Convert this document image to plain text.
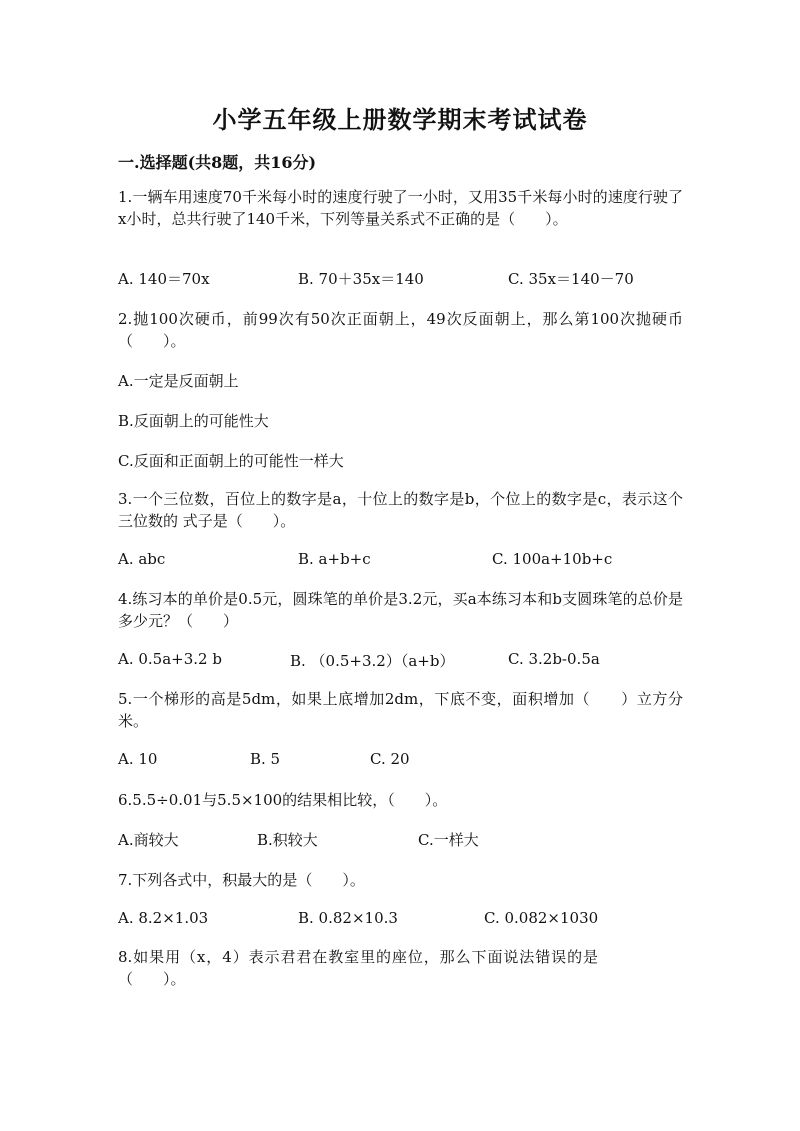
小学五年级上册数学期末考试试卷
一.选择题(共8题，共16分)
1.一辆车用速度70千米每小时的速度行驶了一小时，又用35千米每小时的速度行驶了x小时，总共行驶了140千米，下列等量关系式不正确的是（　　）。
A. 140＝70x	B. 70＋35x＝140	C. 35x＝140－70
2.抛100次硬币，前99次有50次正面朝上，49次反面朝上，那么第100次抛硬币（　　）。
A.一定是反面朝上
B.反面朝上的可能性大
C.反面和正面朝上的可能性一样大
3.一个三位数，百位上的数字是a，十位上的数字是b，个位上的数字是c，表示这个三位数的 式子是（　　）。
A. abc	B. a+b+c	C. 100a+10b+c
4.练习本的单价是0.5元，圆珠笔的单价是3.2元，买a本练习本和b支圆珠笔的总价是多少元？（　　）
A. 0.5a+3.2 b	B. （0.5+3.2）（a+b）	C. 3.2b-0.5a
5.一个梯形的高是5dm，如果上底增加2dm，下底不变，面积增加（　　）立方分米。
A. 10	B. 5	C. 20
6.5.5÷0.01与5.5×100的结果相比较，（　　）。
A.商较大	B.积较大	C.一样大
7.下列各式中，积最大的是（　　）。
A. 8.2×1.03	B. 0.82×10.3	C. 0.082×1030
8.如果用（x，4）表示君君在教室里的座位，那么下面说法错误的是（　　）。
